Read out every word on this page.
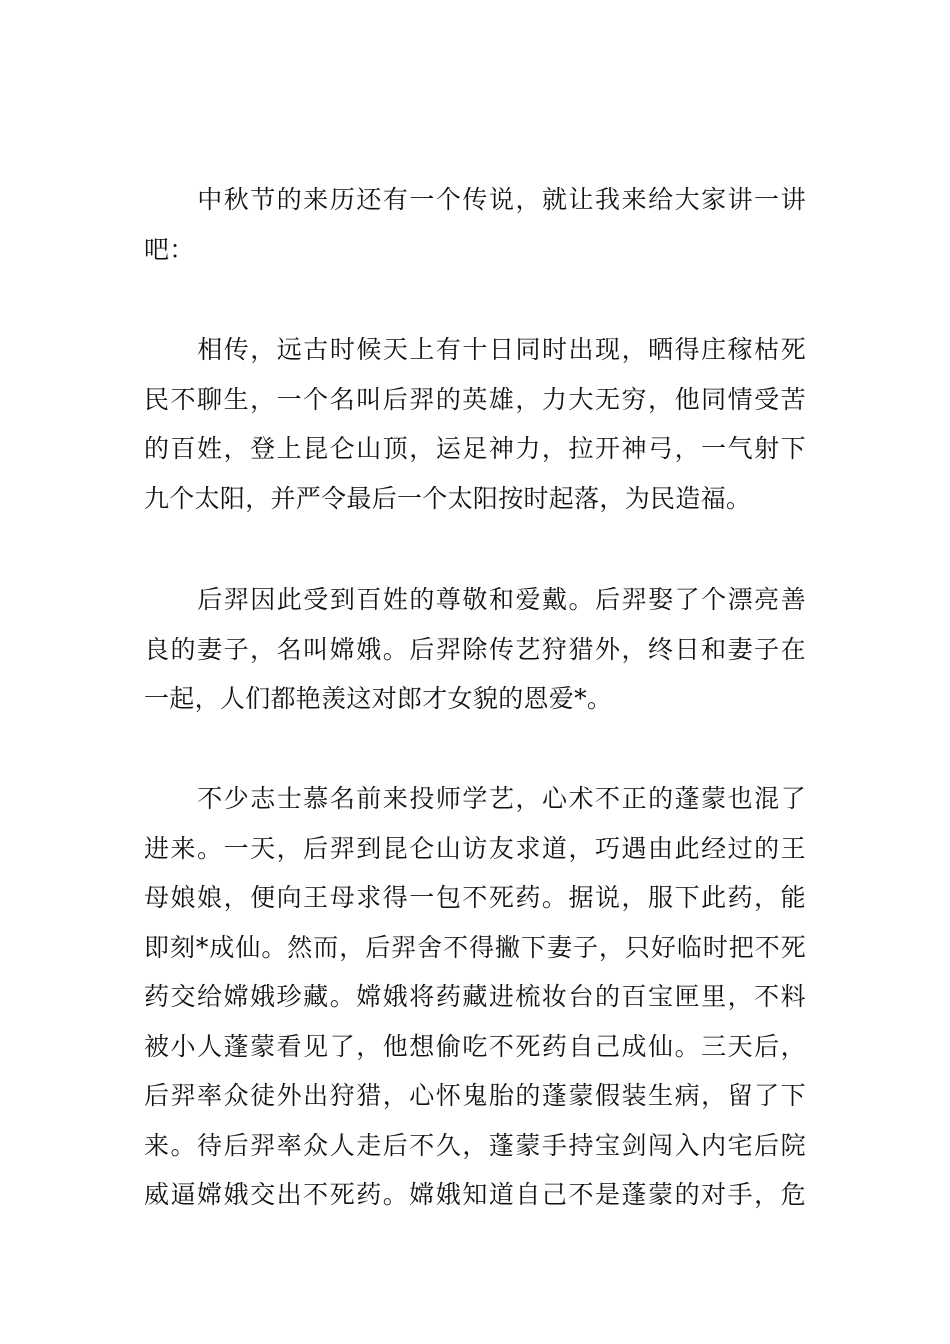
中秋节的来历还有一个传说，就让我来给大家讲一讲
吧：
相传，远古时候天上有十日同时出现，晒得庄稼枯死
民不聊生，一个名叫后羿的英雄，力大无穷，他同情受苦
的百姓，登上昆仑山顶，运足神力，拉开神弓，一气射下
九个太阳，并严令最后一个太阳按时起落，为民造福。
后羿因此受到百姓的尊敬和爱戴。后羿娶了个漂亮善
良的妻子，名叫嫦娥。后羿除传艺狩猎外，终日和妻子在
一起，人们都艳羡这对郎才女貌的恩爱*。
不少志士慕名前来投师学艺，心术不正的蓬蒙也混了
进来。一天，后羿到昆仑山访友求道，巧遇由此经过的王
母娘娘，便向王母求得一包不死药。据说，服下此药，能
即刻*成仙。然而，后羿舍不得撇下妻子，只好临时把不死
药交给嫦娥珍藏。嫦娥将药藏进梳妆台的百宝匣里，不料
被小人蓬蒙看见了，他想偷吃不死药自己成仙。三天后，
后羿率众徒外出狩猎，心怀鬼胎的蓬蒙假装生病，留了下
来。待后羿率众人走后不久，蓬蒙手持宝剑闯入内宅后院
威逼嫦娥交出不死药。嫦娥知道自己不是蓬蒙的对手，危
